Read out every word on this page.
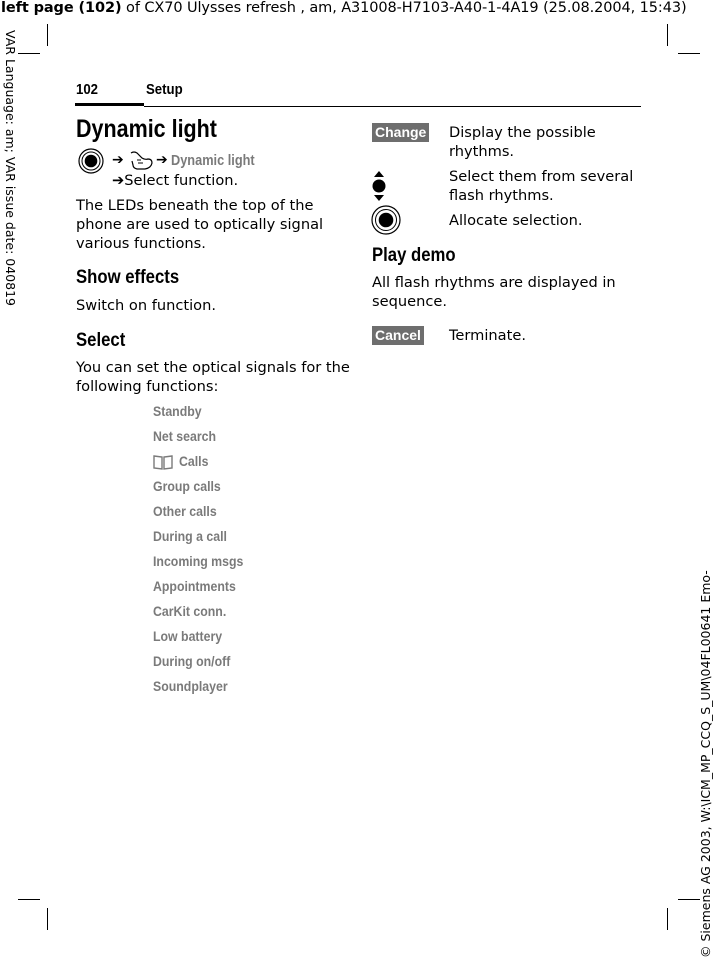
left page (102) of CX70 Ulysses refresh , am, A31008-H7103-A40-1-4A19 (25.08.2004, 15:43)
VAR Language: am; VAR issue date: 040819
© Siemens AG 2003, W:\ICM_MP_CCQ_S_UM\04FL00641 Emo-
102	Setup
Dynamic light
➔ ➔ Dynamic light
➔Select function.
The LEDs beneath the top of the phone are used to optically signal various functions.
Show effects
Switch on function.
Select
You can set the optical signals for the following functions:
Standby
Net search
Calls
Group calls
Other calls
During a call
Incoming msgs
Appointments
CarKit conn.
Low battery
During on/off
Soundplayer
Change Display the possible rhythms.
Select them from several flash rhythms.
Allocate selection.
Play demo
All flash rhythms are displayed in sequence.
Cancel Terminate.
